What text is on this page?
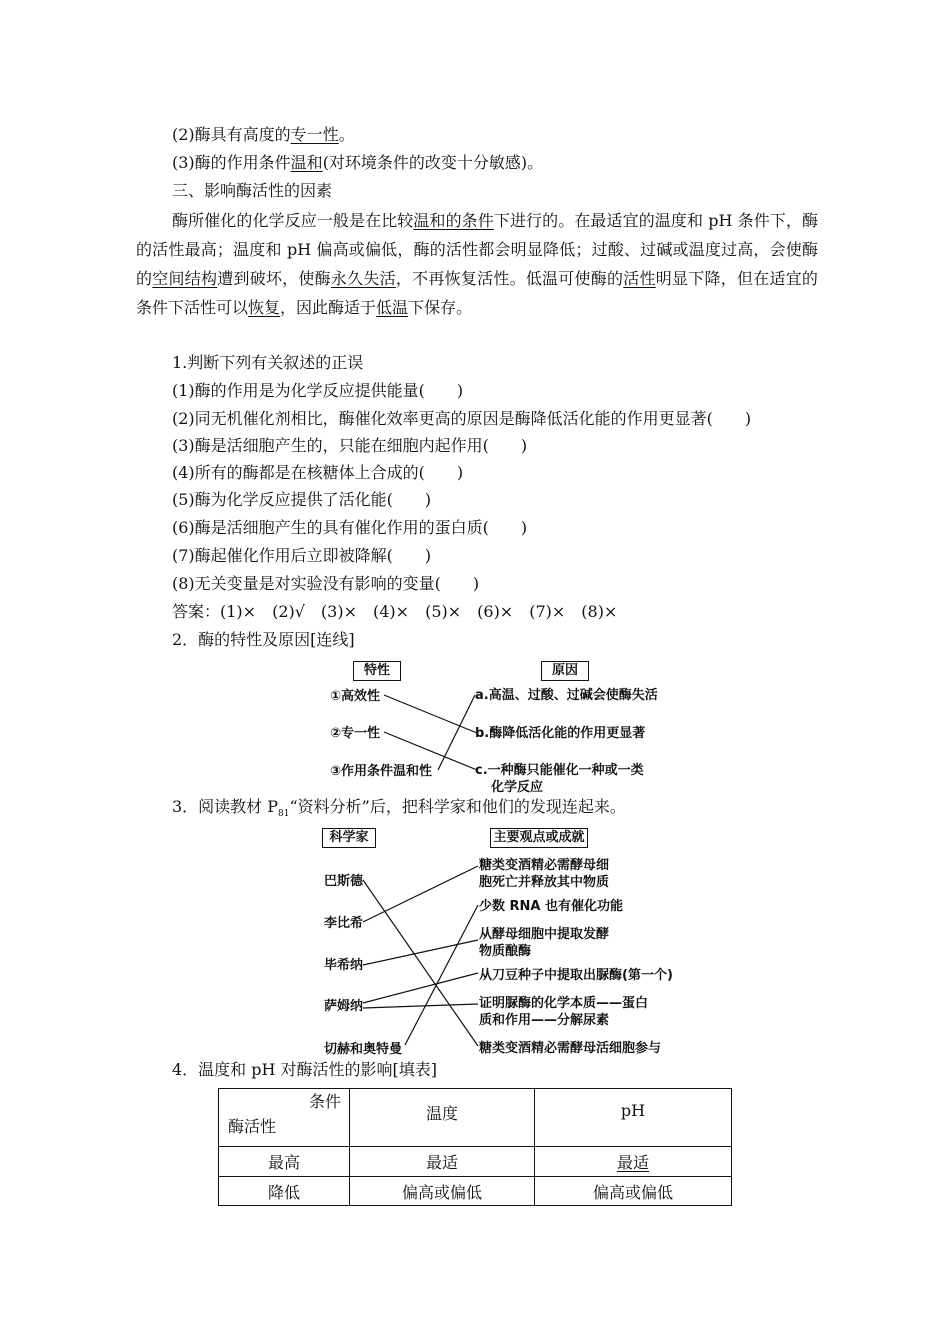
(2)酶具有高度的专一性。
(3)酶的作用条件温和(对环境条件的改变十分敏感)。
三、影响酶活性的因素
酶所催化的化学反应一般是在比较温和的条件下进行的。在最适宜的温度和 pH 条件下，酶的活性最高；温度和 pH 偏高或偏低，酶的活性都会明显降低；过酸、过碱或温度过高，会使酶的空间结构遭到破坏，使酶永久失活，不再恢复活性。低温可使酶的活性明显下降，但在适宜的条件下活性可以恢复，因此酶适于低温下保存。
1.判断下列有关叙述的正误
(1)酶的作用是为化学反应提供能量(　　)
(2)同无机催化剂相比，酶催化效率更高的原因是酶降低活化能的作用更显著(　　)
(3)酶是活细胞产生的，只能在细胞内起作用(　　)
(4)所有的酶都是在核糖体上合成的(　　)
(5)酶为化学反应提供了活化能(　　)
(6)酶是活细胞产生的具有催化作用的蛋白质(　　)
(7)酶起催化作用后立即被降解(　　)
(8)无关变量是对实验没有影响的变量(　　)
答案：(1)×　(2)√　(3)×　(4)×　(5)×　(6)×　(7)×　(8)×
2．酶的特性及原因[连线]
特性	原因
①高效性
②专一性
③作用条件温和性
a.高温、过酸、过碱会使酶失活
b.酶降低活化能的作用更显著
c.一种酶只能催化一种或一类
化学反应
3．阅读教材 $P_{81}“$资料分析”后，把科学家和他们的发现连起来。
科学家	主要观点或成就
巴斯德
李比希
毕希纳
萨姆纳
切赫和奥特曼
糖类变酒精必需酵母细
胞死亡并释放其中物质
少数 RNA 也有催化功能
从酵母细胞中提取发酵
物质酿酶
从刀豆种子中提取出脲酶(第一个)
证明脲酶的化学本质——蛋白
质和作用——分解尿素
糖类变酒精必需酵母活细胞参与
4．温度和 pH 对酶活性的影响[填表]
条件
酶活性	温度	pH
最高	最适	最适
降低	偏高或偏低	偏高或偏低
